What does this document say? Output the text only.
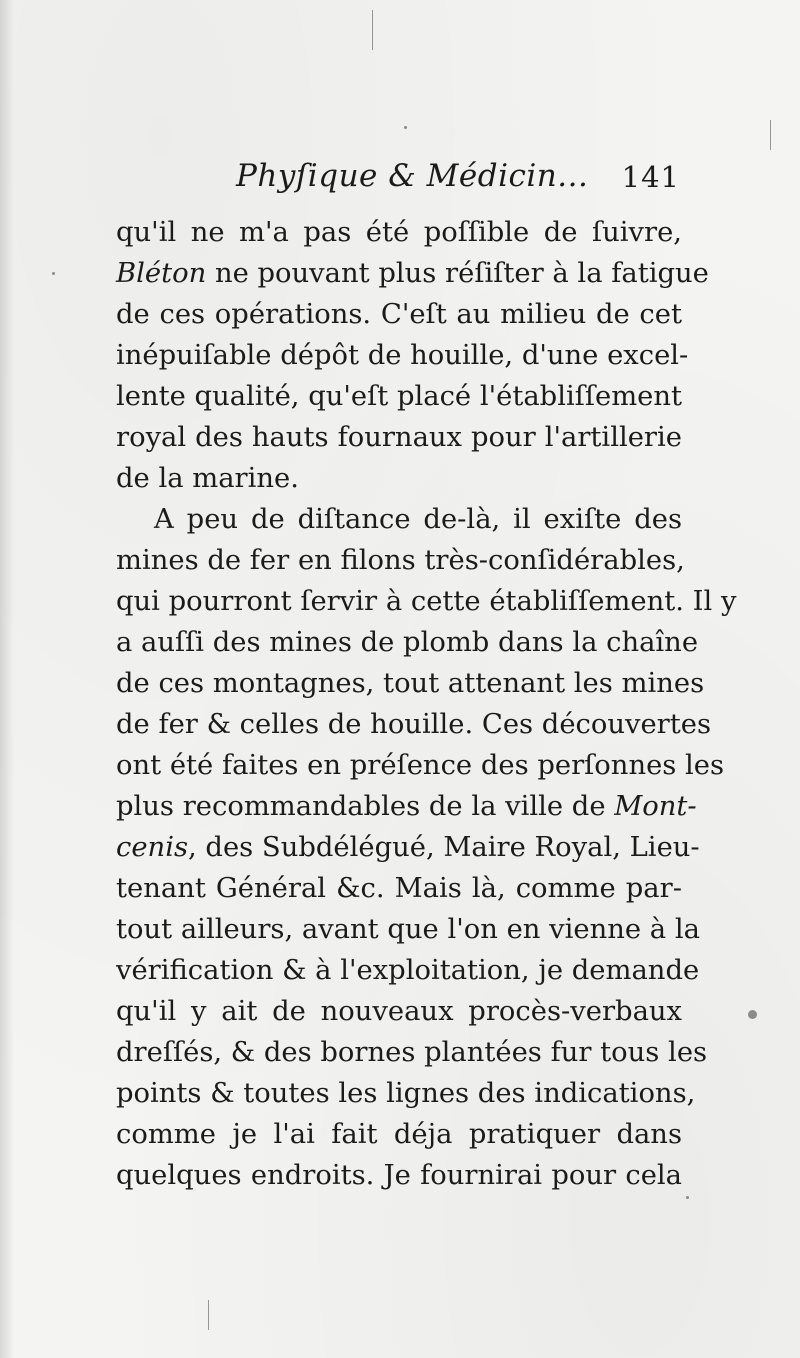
Phyſique & Médicin... 141
qu'il ne m'a pas été poſſible de ſuivre,
Bléton ne pouvant plus réſiſter à la fatigue
de ces opérations. C'eſt au milieu de cet
inépuiſable dépôt de houille, d'une excel-
lente qualité, qu'eſt placé l'établiſſement
royal des hauts fournaux pour l'artillerie
de la marine.
A peu de diſtance de-là, il exiſte des
mines de fer en filons très-conſidérables,
qui pourront ſervir à cette établiſſement. Il y
a auſſi des mines de plomb dans la chaîne
de ces montagnes, tout attenant les mines
de fer & celles de houille. Ces découvertes
ont été faites en préſence des perſonnes les
plus recommandables de la ville de Mont-
cenis, des Subdélégué, Maire Royal, Lieu-
tenant Général &c. Mais là, comme par-
tout ailleurs, avant que l'on en vienne à la
vérification & à l'exploitation, je demande
qu'il y ait de nouveaux procès-verbaux
dreſſés, & des bornes plantées fur tous les
points & toutes les lignes des indications,
comme je l'ai fait déja pratiquer dans
quelques endroits. Je fournirai pour cela
